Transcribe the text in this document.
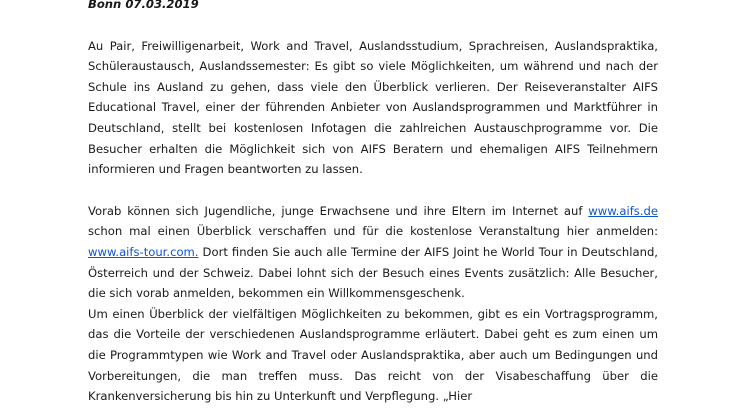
Bonn 07.03.2019

Au Pair, Freiwilligenarbeit, Work and Travel, Auslandsstudium, Sprachreisen, Auslandspraktika, Schüleraustausch, Auslandssemester: Es gibt so viele Möglichkeiten, um während und nach der Schule ins Ausland zu gehen, dass viele den Überblick verlieren. Der Reiseveranstalter AIFS Educational Travel, einer der führenden Anbieter von Auslandsprogrammen und Marktführer in Deutschland, stellt bei kostenlosen Infotagen die zahlreichen Austauschprogramme vor. Die Besucher erhalten die Möglichkeit sich von AIFS Beratern und ehemaligen AIFS Teilnehmern informieren und Fragen beantworten zu lassen.

Vorab können sich Jugendliche, junge Erwachsene und ihre Eltern im Internet auf www.aifs.de schon mal einen Überblick verschaffen und für die kostenlose Veranstaltung hier anmelden: www.aifs-tour.com. Dort finden Sie auch alle Termine der AIFS Joint he World Tour in Deutschland, Österreich und der Schweiz. Dabei lohnt sich der Besuch eines Events zusätzlich: Alle Besucher, die sich vorab anmelden, bekommen ein Willkommensgeschenk.

Um einen Überblick der vielfältigen Möglichkeiten zu bekommen, gibt es ein Vortragsprogramm, das die Vorteile der verschiedenen Auslandsprogramme erläutert. Dabei geht es zum einen um die Programmtypen wie Work and Travel oder Auslandspraktika, aber auch um Bedingungen und Vorbereitungen, die man treffen muss. Das reicht von der Visabeschaffung über die Krankenversicherung bis hin zu Unterkunft und Verpflegung. „Hier
